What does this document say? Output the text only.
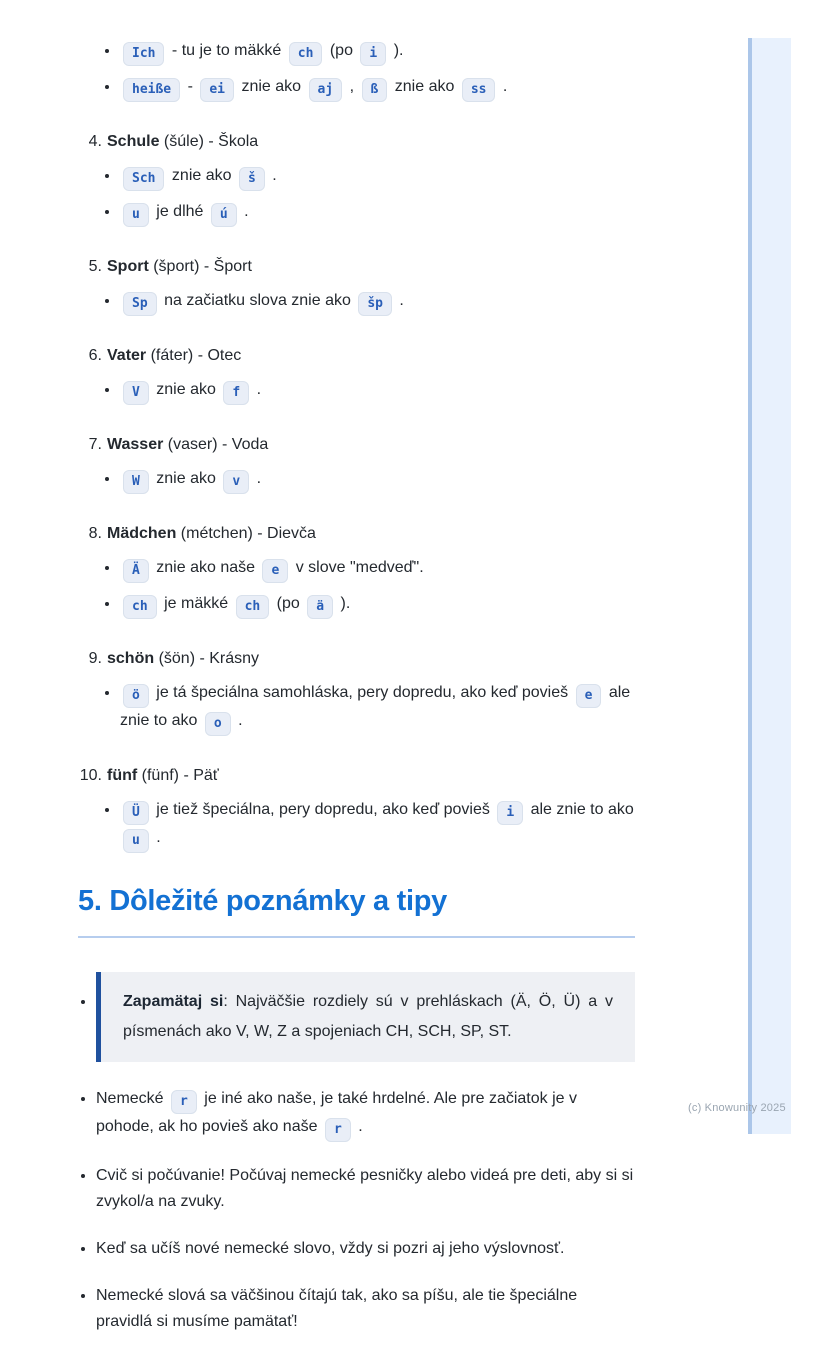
• Ich - tu je to mäkké ch (po i ).
• heiße - ei znie ako aj , ß znie ako ss .
4. Schule (šúle) - Škola
• Sch znie ako š .
• u je dlhé ú .
5. Sport (šport) - Šport
• Sp na začiatku slova znie ako šp .
6. Vater (fáter) - Otec
• V znie ako f .
7. Wasser (vaser) - Voda
• W znie ako v .
8. Mädchen (métchen) - Dievča
• Ä znie ako naše e v slove "medveď".
• ch je mäkké ch (po ä ).
9. schön (šön) - Krásny
• ö je tá špeciálna samohláska, pery dopredu, ako keď povieš e ale znie to ako o .
10. fünf (fünf) - Päť
• Ü je tiež špeciálna, pery dopredu, ako keď povieš i ale znie to ako u .
5. Dôležité poznámky a tipy
• Zapamätaj si: Najväčšie rozdiely sú v prehláskach (Ä, Ö, Ü) a v písmenách ako V, W, Z a spojeniach CH, SCH, SP, ST.
• Nemecké r je iné ako naše, je také hrdelné. Ale pre začiatok je v pohode, ak ho povieš ako naše r .
• Cvič si počúvanie! Počúvaj nemecké pesničky alebo videá pre deti, aby si si zvykol/a na zvuky.
• Keď sa učíš nové nemecké slovo, vždy si pozri aj jeho výslovnosť.
• Nemecké slová sa väčšinou čítajú tak, ako sa píšu, ale tie špeciálne pravidlá si musíme pamätať!
(c) Knowunity 2025
